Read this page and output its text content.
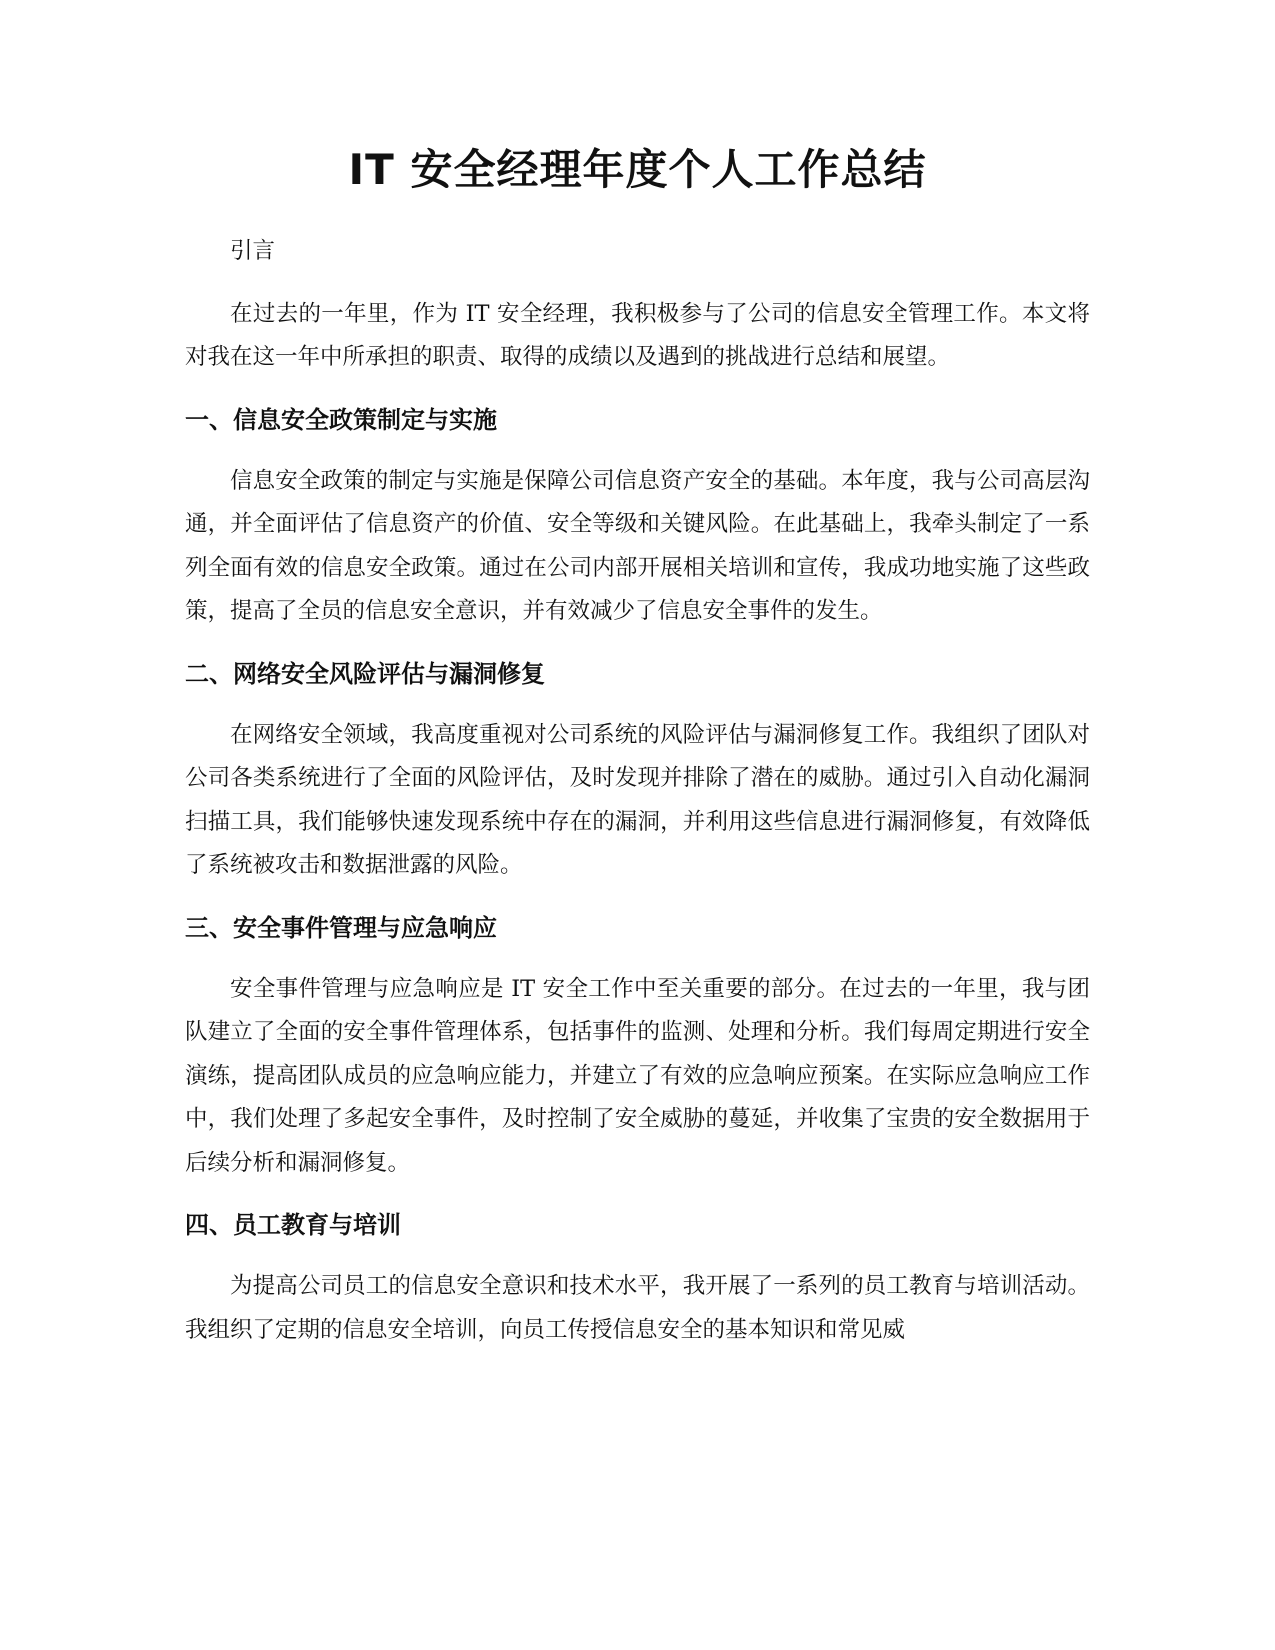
IT 安全经理年度个人工作总结

引言

在过去的一年里，作为 IT 安全经理，我积极参与了公司的信息安全管理工作。本文将对我在这一年中所承担的职责、取得的成绩以及遇到的挑战进行总结和展望。

一、信息安全政策制定与实施

信息安全政策的制定与实施是保障公司信息资产安全的基础。本年度，我与公司高层沟通，并全面评估了信息资产的价值、安全等级和关键风险。在此基础上，我牵头制定了一系列全面有效的信息安全政策。通过在公司内部开展相关培训和宣传，我成功地实施了这些政策，提高了全员的信息安全意识，并有效减少了信息安全事件的发生。

二、网络安全风险评估与漏洞修复

在网络安全领域，我高度重视对公司系统的风险评估与漏洞修复工作。我组织了团队对公司各类系统进行了全面的风险评估，及时发现并排除了潜在的威胁。通过引入自动化漏洞扫描工具，我们能够快速发现系统中存在的漏洞，并利用这些信息进行漏洞修复，有效降低了系统被攻击和数据泄露的风险。

三、安全事件管理与应急响应

安全事件管理与应急响应是 IT 安全工作中至关重要的部分。在过去的一年里，我与团队建立了全面的安全事件管理体系，包括事件的监测、处理和分析。我们每周定期进行安全演练，提高团队成员的应急响应能力，并建立了有效的应急响应预案。在实际应急响应工作中，我们处理了多起安全事件，及时控制了安全威胁的蔓延，并收集了宝贵的安全数据用于后续分析和漏洞修复。

四、员工教育与培训

为提高公司员工的信息安全意识和技术水平，我开展了一系列的员工教育与培训活动。我组织了定期的信息安全培训，向员工传授信息安全的基本知识和常见威
